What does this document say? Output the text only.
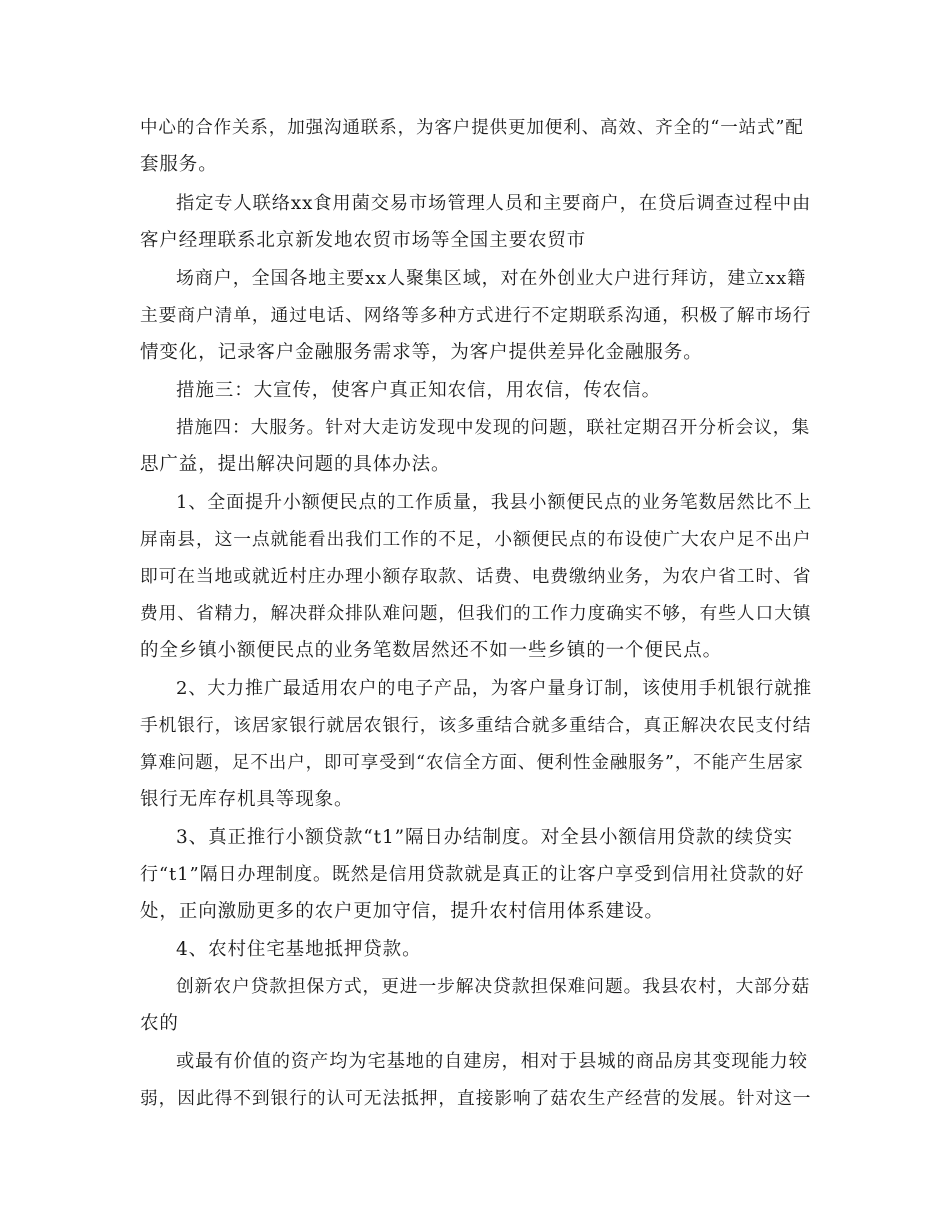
中心的合作关系，加强沟通联系，为客户提供更加便利、高效、齐全的“一站式”配
套服务。
指定专人联络xx食用菌交易市场管理人员和主要商户，在贷后调查过程中由
客户经理联系北京新发地农贸市场等全国主要农贸市
场商户，全国各地主要xx人聚集区域，对在外创业大户进行拜访，建立xx籍
主要商户清单，通过电话、网络等多种方式进行不定期联系沟通，积极了解市场行
情变化，记录客户金融服务需求等，为客户提供差异化金融服务。
措施三：大宣传，使客户真正知农信，用农信，传农信。
措施四：大服务。针对大走访发现中发现的问题，联社定期召开分析会议，集
思广益，提出解决问题的具体办法。
1、全面提升小额便民点的工作质量，我县小额便民点的业务笔数居然比不上
屏南县，这一点就能看出我们工作的不足，小额便民点的布设使广大农户足不出户
即可在当地或就近村庄办理小额存取款、话费、电费缴纳业务，为农户省工时、省
费用、省精力，解决群众排队难问题，但我们的工作力度确实不够，有些人口大镇
的全乡镇小额便民点的业务笔数居然还不如一些乡镇的一个便民点。
2、大力推广最适用农户的电子产品，为客户量身订制，该使用手机银行就推
手机银行，该居家银行就居农银行，该多重结合就多重结合，真正解决农民支付结
算难问题，足不出户，即可享受到“农信全方面、便利性金融服务”，不能产生居家
银行无库存机具等现象。
3、真正推行小额贷款“t1”隔日办结制度。对全县小额信用贷款的续贷实
行“t1”隔日办理制度。既然是信用贷款就是真正的让客户享受到信用社贷款的好
处，正向激励更多的农户更加守信，提升农村信用体系建设。
4、农村住宅基地抵押贷款。
创新农户贷款担保方式，更进一步解决贷款担保难问题。我县农村，大部分菇
农的
或最有价值的资产均为宅基地的自建房，相对于县城的商品房其变现能力较
弱，因此得不到银行的认可无法抵押，直接影响了菇农生产经营的发展。针对这一
